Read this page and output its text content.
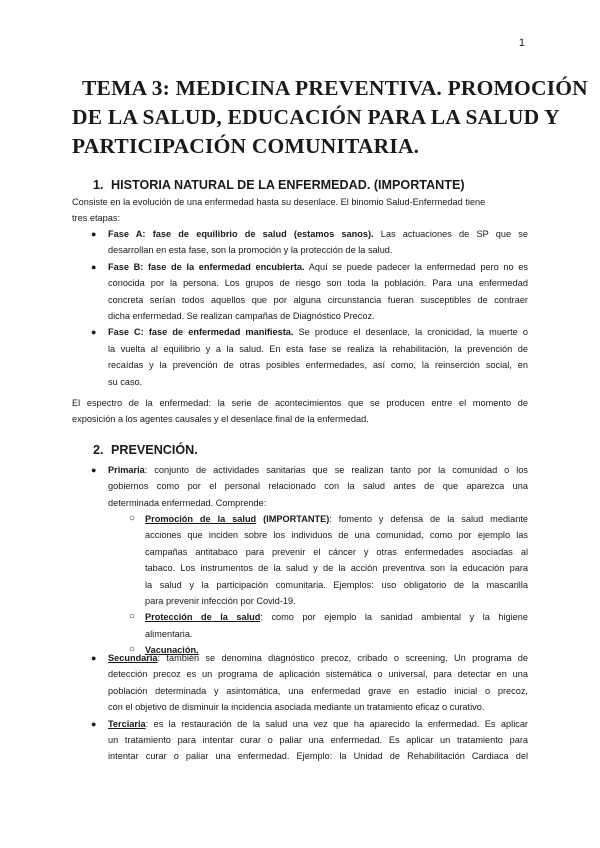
1
TEMA 3: MEDICINA PREVENTIVA. PROMOCIÓN
DE LA SALUD, EDUCACIÓN PARA LA SALUD Y
PARTICIPACIÓN COMUNITARIA.
1. HISTORIA NATURAL DE LA ENFERMEDAD. (IMPORTANTE)

Consiste en la evolución de una enfermedad hasta su desenlace. El binomio Salud-Enfermedad tiene
tres etapas:

● Fase A: fase de equilibrio de salud (estamos sanos). Las actuaciones de SP que se
desarrollan en esta fase, son la promoción y la protección de la salud.
● Fase B: fase de la enfermedad encubierta. Aquí se puede padecer la enfermedad pero no es
conocida por la persona. Los grupos de riesgo son toda la población. Para una enfermedad
concreta serían todos aquellos que por alguna circunstancia fueran susceptibles de contraer
dicha enfermedad. Se realizan campañas de Diagnóstico Precoz.
● Fase C: fase de enfermedad manifiesta. Se produce el desenlace, la cronicidad, la muerte o
la vuelta al equilibrio y a la salud. En esta fase se realiza la rehabilitación, la prevención de
recaídas y la prevención de otras posibles enfermedades, así como, la reinserción social, en
su caso.

El espectro de la enfermedad: la serie de acontecimientos que se producen entre el momento de
exposición a los agentes causales y el desenlace final de la enfermedad.

2. PREVENCIÓN.
● Primaria: conjunto de actividades sanitarias que se realizan tanto por la comunidad o los
gobiernos como por el personal relacionado con la salud antes de que aparezca una
determinada enfermedad. Comprende:
○ Promoción de la salud (IMPORTANTE): fomento y defensa de la salud mediante
acciones que inciden sobre los individuos de una comunidad, como por ejemplo las
campañas antitabaco para prevenir el cáncer y otras enfermedades asociadas al
tabaco. Los instrumentos de la salud y de la acción preventiva son la educación para
la salud y la participación comunitaria. Ejemplos: uso obligatorio de la mascarilla
para prevenir infección por Covid-19.
○ Protección de la salud: como por ejemplo la sanidad ambiental y la higiene
alimentaria.
○ Vacunación.
● Secundaria: también se denomina diagnóstico precoz, cribado o screening. Un programa de
detección precoz es un programa de aplicación sistemática o universal, para detectar en una
población determinada y asintomática, una enfermedad grave en estadio inicial o precoz,
con el objetivo de disminuir la incidencia asociada mediante un tratamiento eficaz o curativo.
● Terciaria: es la restauración de la salud una vez que ha aparecido la enfermedad. Es aplicar
un tratamiento para intentar curar o paliar una enfermedad. Es aplicar un tratamiento para
intentar curar o paliar una enfermedad. Ejemplo: la Unidad de Rehabilitación Cardiaca del
